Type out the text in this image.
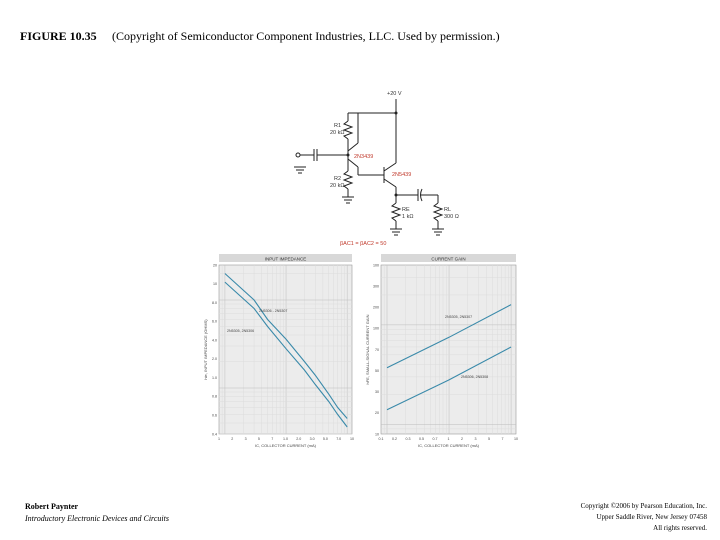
FIGURE 10.35 (Copyright of Semiconductor Component Industries, LLC. Used by permission.)
+20 V
R1
20 kΩ
R2
20 kΩ
2N3439
2N5439
RE
1 kΩ
RL
300 Ω
βAC1 = βAC2 = 50
INPUT IMPEDANCE
1	2	3	5	7	1.0 2.0 3.0 5.0 7.0 10
20
10
8.0
6.0
4.0
2.0
1.0
0.8
0.6
0.4
IC, COLLECTOR CURRENT (mA)
hie, INPUT IMPEDANCE (OHMS)
2N5306 - 2N5307
2N5305, 2N5306
CURRENT GAIN
0.1 0.2 0.3 0.5 0.7	1	2	3	5	7	10
100
300
200
100
70
50
30
20
10
IC, COLLECTOR CURRENT (mA)
hFE, SMALL-SIGNAL CURRENT GAIN	2N5305, 2N5307
2N5306, 2N5308
Robert Paynter
Introductory Electronic Devices and Circuits
Copyright ©2006 by Pearson Education, Inc.
Upper Saddle River, New Jersey 07458
All rights reserved.
